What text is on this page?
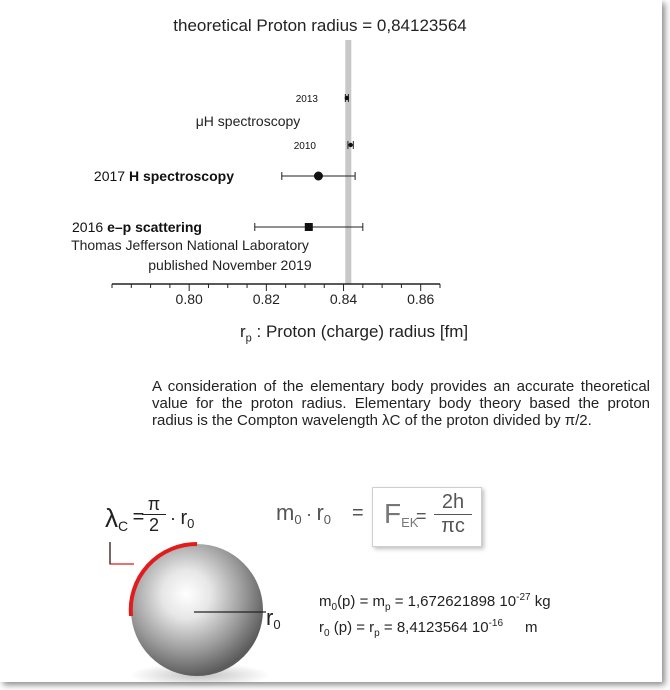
theoretical Proton radius = 0,84123564
0.80	0.82	0.84	0.86
2013
2010
2017 H spectroscopy
2016 e–p scattering
μH spectroscopy
Thomas Jefferson National Laboratory
published November 2019
$r_p$ : Proton (charge) radius [fm]
A consideration of the elementary body provides an accurate theoretical value for the proton radius. Elementary body theory based the proton radius is the Compton wavelength λC of the proton divided by π/2.
$\lambda_C$ =
$\frac{\pi}{2} \cdot r_0$	$m_0 \cdot r_0 = F_{EK}$
= $\frac{2h}{\pi c}$
$r_0$
$m_0(p) = m_p = 1,672621898$ $10^{-27}$ kg
$r_0$ $(p) = r_p = 8,4123564$ $10^{-16}$ m
